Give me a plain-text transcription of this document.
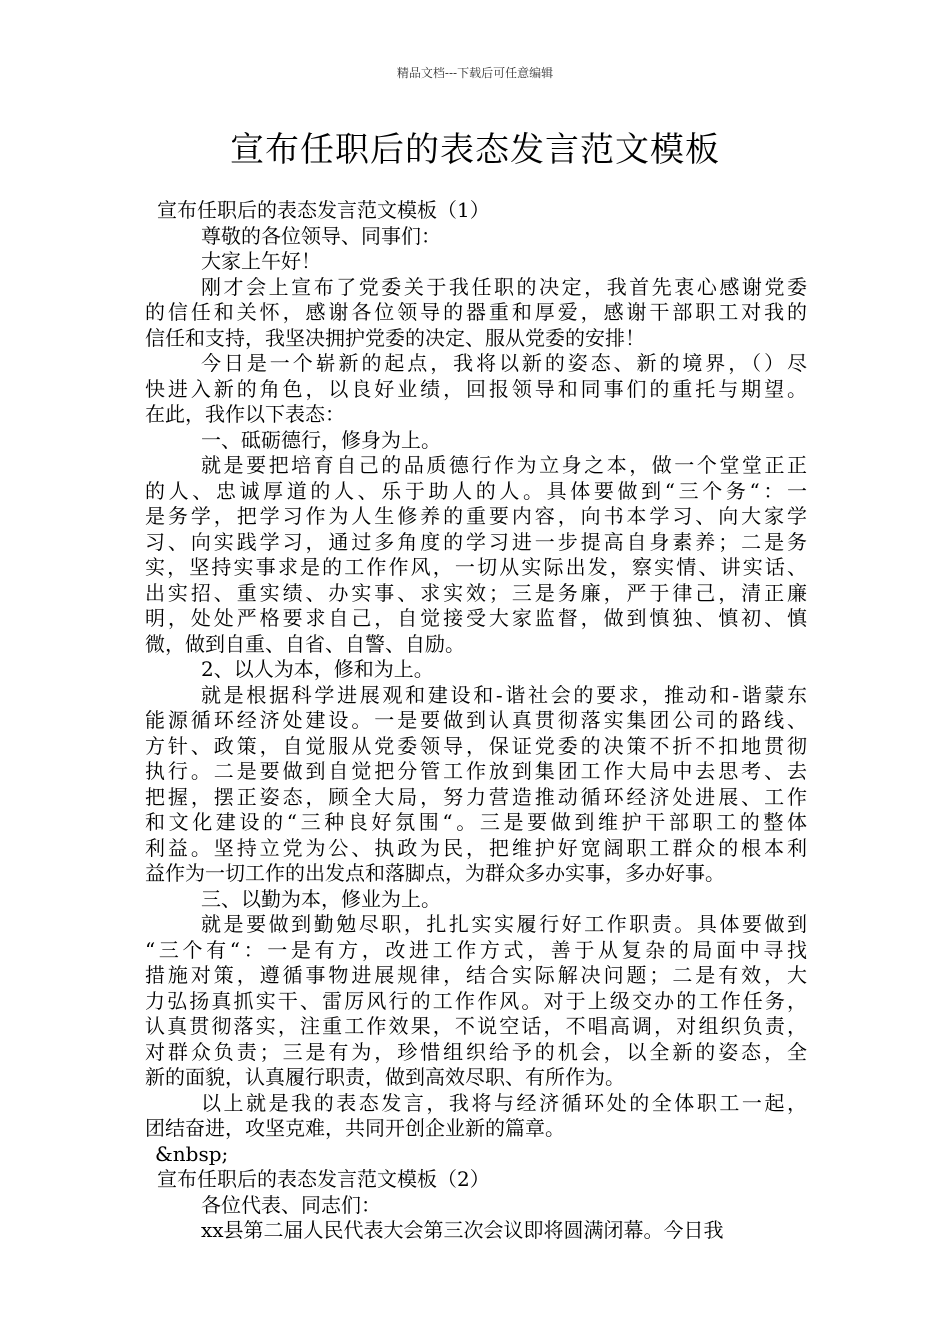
精品文档---下载后可任意编辑
宣布任职后的表态发言范文模板

宣布任职后的表态发言范文模板（1）

尊敬的各位领导、同事们：

大家上午好！

刚才会上宣布了党委关于我任职的决定，我首先衷心感谢党委

的信任和关怀，感谢各位领导的器重和厚爱，感谢干部职工对我的

信任和支持，我坚决拥护党委的决定、服从党委的安排！

今日是一个崭新的起点，我将以新的姿态、新的境界，（）尽

快进入新的角色，以良好业绩，回报领导和同事们的重托与期望。

在此，我作以下表态：

一、砥砺德行，修身为上。

就是要把培育自己的品质德行作为立身之本，做一个堂堂正正

的人、忠诚厚道的人、乐于助人的人。具体要做到“三个务“：一

是务学，把学习作为人生修养的重要内容，向书本学习、向大家学

习、向实践学习，通过多角度的学习进一步提高自身素养；二是务

实，坚持实事求是的工作作风，一切从实际出发，察实情、讲实话、

出实招、重实绩、办实事、求实效；三是务廉，严于律己，清正廉

明，处处严格要求自己，自觉接受大家监督，做到慎独、慎初、慎

微，做到自重、自省、自警、自励。

2、以人为本，修和为上。

就是根据科学进展观和建设和-谐社会的要求，推动和-谐蒙东

能源循环经济处建设。一是要做到认真贯彻落实集团公司的路线、

方针、政策，自觉服从党委领导，保证党委的决策不折不扣地贯彻

执行。二是要做到自觉把分管工作放到集团工作大局中去思考、去

把握，摆正姿态，顾全大局，努力营造推动循环经济处进展、工作

和文化建设的“三种良好氛围“。三是要做到维护干部职工的整体

利益。坚持立党为公、执政为民，把维护好宽阔职工群众的根本利

益作为一切工作的出发点和落脚点，为群众多办实事，多办好事。

三、以勤为本，修业为上。

就是要做到勤勉尽职，扎扎实实履行好工作职责。具体要做到

“三个有“：一是有方，改进工作方式，善于从复杂的局面中寻找

措施对策，遵循事物进展规律，结合实际解决问题；二是有效，大

力弘扬真抓实干、雷厉风行的工作作风。对于上级交办的工作任务，

认真贯彻落实，注重工作效果，不说空话，不唱高调，对组织负责，

对群众负责；三是有为，珍惜组织给予的机会，以全新的姿态，全

新的面貌，认真履行职责，做到高效尽职、有所作为。

以上就是我的表态发言，我将与经济循环处的全体职工一起，

团结奋进，攻坚克难，共同开创企业新的篇章。

&nbsp;

宣布任职后的表态发言范文模板（2）

各位代表、同志们：

xx县第二届人民代表大会第三次会议即将圆满闭幕。今日我
